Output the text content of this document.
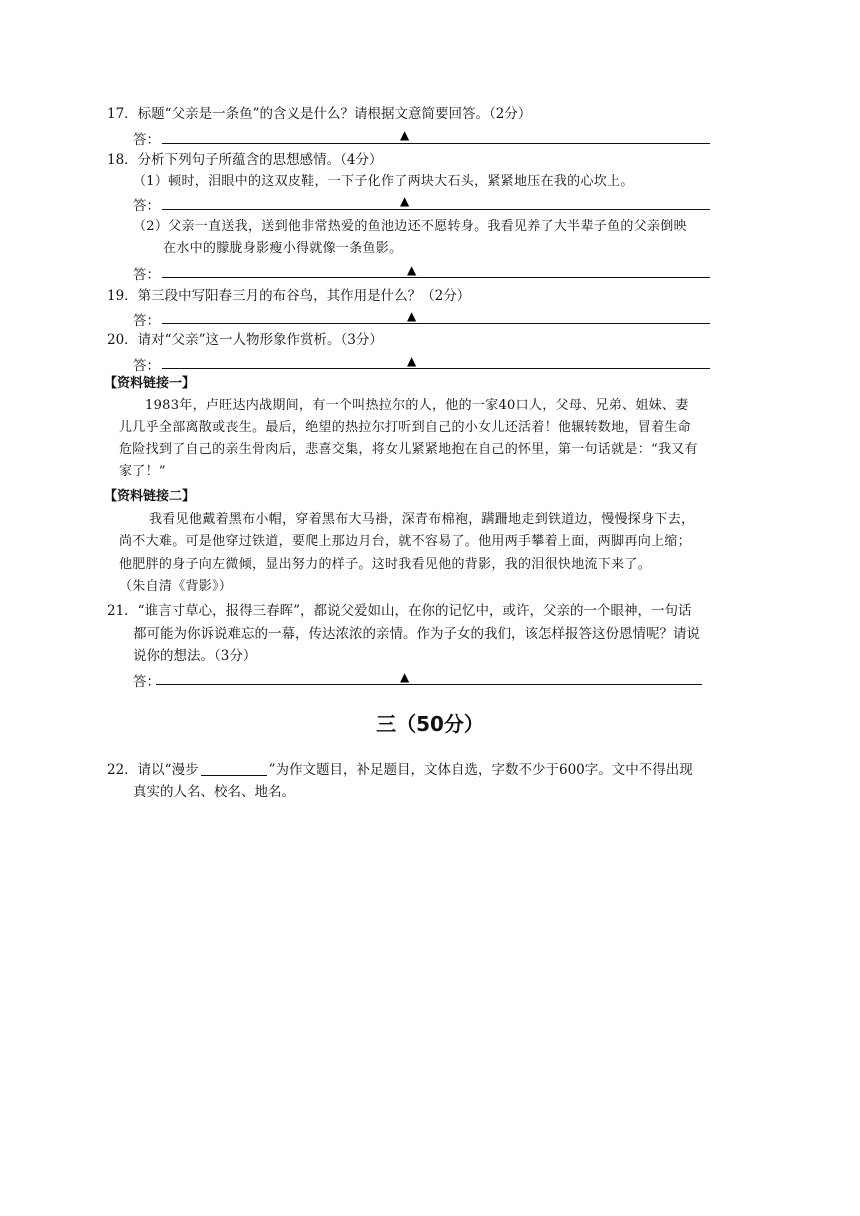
17．标题“父亲是一条鱼”的含义是什么？请根据文意简要回答。（2分）
答：	▲
18．分析下列句子所蕴含的思想感情。（4分）
（1）顿时，泪眼中的这双皮鞋，一下子化作了两块大石头，紧紧地压在我的心坎上。
答：	▲
（2）父亲一直送我，送到他非常热爱的鱼池边还不愿转身。我看见养了大半辈子鱼的父亲倒映
在水中的朦胧身影瘦小得就像一条鱼影。
答：	▲
19．第三段中写阳春三月的布谷鸟，其作用是什么？（2分）
答：	▲
20．请对“父亲”这一人物形象作赏析。（3分）
答：	▲
【资料链接一】
1983年，卢旺达内战期间，有一个叫热拉尔的人，他的一家40口人，父母、兄弟、姐妹、妻
儿几乎全部离散或丧生。最后，绝望的热拉尔打听到自己的小女儿还活着！他辗转数地，冒着生命
危险找到了自己的亲生骨肉后，悲喜交集，将女儿紧紧地抱在自己的怀里，第一句话就是：“我又有
家了！”
【资料链接二】
我看见他戴着黑布小帽，穿着黑布大马褂，深青布棉袍，蹒跚地走到铁道边，慢慢探身下去，
尚不大难。可是他穿过铁道，要爬上那边月台，就不容易了。他用两手攀着上面，两脚再向上缩；
他肥胖的身子向左微倾，显出努力的样子。这时我看见他的背影，我的泪很快地流下来了。
（朱自清《背影》）
21．“谁言寸草心，报得三春晖”，都说父爱如山，在你的记忆中，或许，父亲的一个眼神，一句话
都可能为你诉说难忘的一幕，传达浓浓的亲情。作为子女的我们，该怎样报答这份恩情呢？请说
说你的想法。（3分）
答：	▲
三（50分）
22．请以“漫步	”为作文题目，补足题目，文体自选，字数不少于600字。文中不得出现
真实的人名、校名、地名。
